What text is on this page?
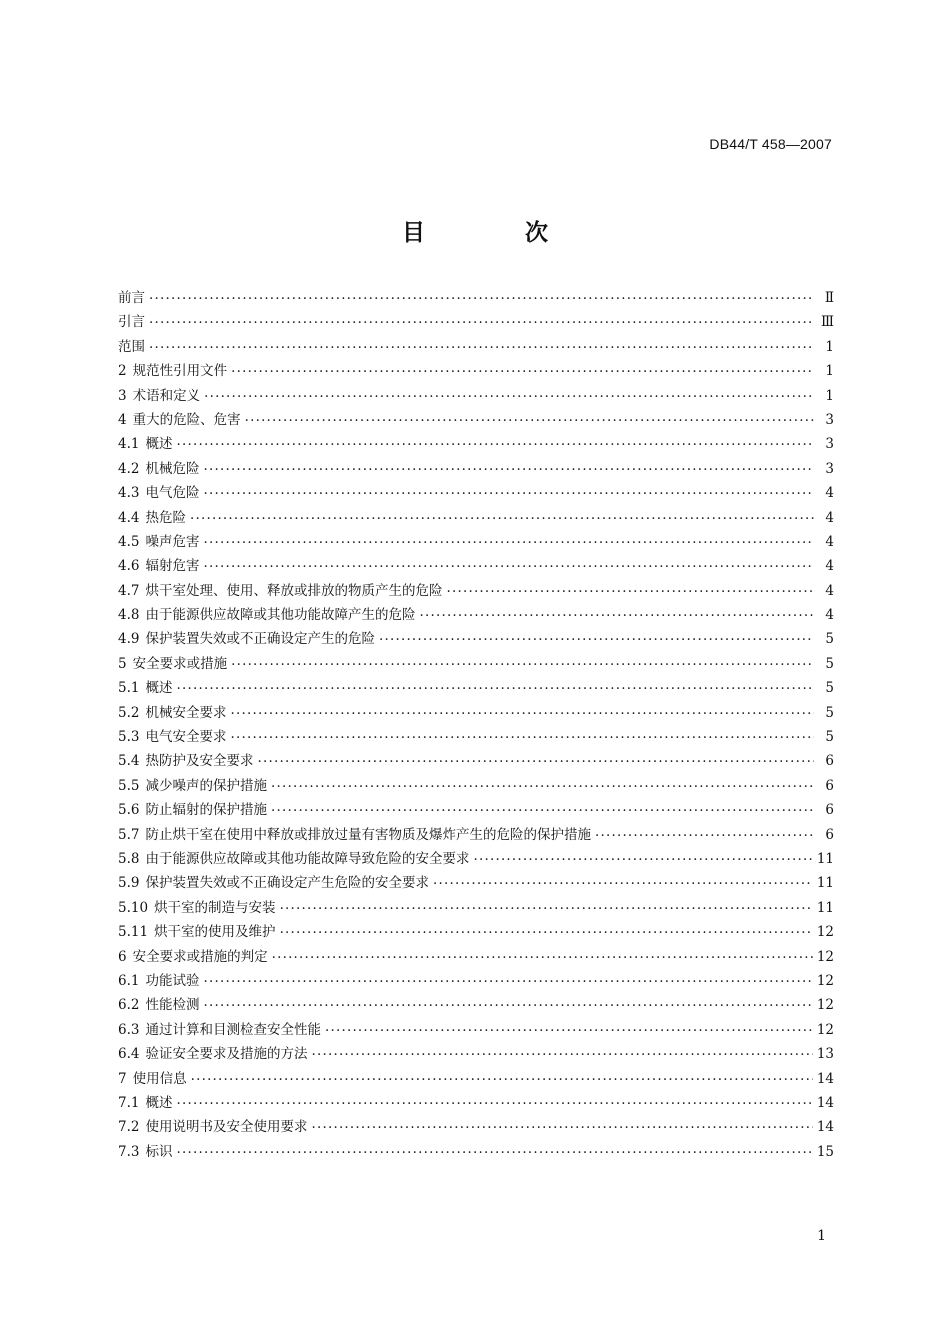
DB44/T 458—2007
目 次
前言 ·····	Ⅱ
引言 ·····	Ⅲ
范围 ·····	1
2 规范性引用文件 ·····	1
3 术语和定义 ·····	1
4 重大的危险、危害 ·····	3
4.1 概述 ·····	3
4.2 机械危险 ·····	3
4.3 电气危险 ·····	4
4.4 热危险 ·····	4
4.5 噪声危害 ·····	4
4.6 辐射危害 ·····	4
4.7 烘干室处理、使用、释放或排放的物质产生的危险 ·····	4
4.8 由于能源供应故障或其他功能故障产生的危险 ·····	4
4.9 保护装置失效或不正确设定产生的危险 ·····	5
5 安全要求或措施 ·····	5
5.1 概述 ·····	5
5.2 机械安全要求 ·····	5
5.3 电气安全要求 ·····	5
5.4 热防护及安全要求 ·····	6
5.5 减少噪声的保护措施 ·····	6
5.6 防止辐射的保护措施 ·····	6
5.7 防止烘干室在使用中释放或排放过量有害物质及爆炸产生的危险的保护措施 ·····	6
5.8 由于能源供应故障或其他功能故障导致危险的安全要求 ·····	11
5.9 保护装置失效或不正确设定产生危险的安全要求 ·····	11
5.10 烘干室的制造与安装 ·····	11
5.11 烘干室的使用及维护 ·····	12
6 安全要求或措施的判定 ·····	12
6.1 功能试验 ·····	12
6.2 性能检测 ·····	12
6.3 通过计算和目测检查安全性能 ·····	12
6.4 验证安全要求及措施的方法 ·····	13
7 使用信息 ·····	14
7.1 概述 ·····	14
7.2 使用说明书及安全使用要求 ·····	14
7.3 标识 ·····	15
1
